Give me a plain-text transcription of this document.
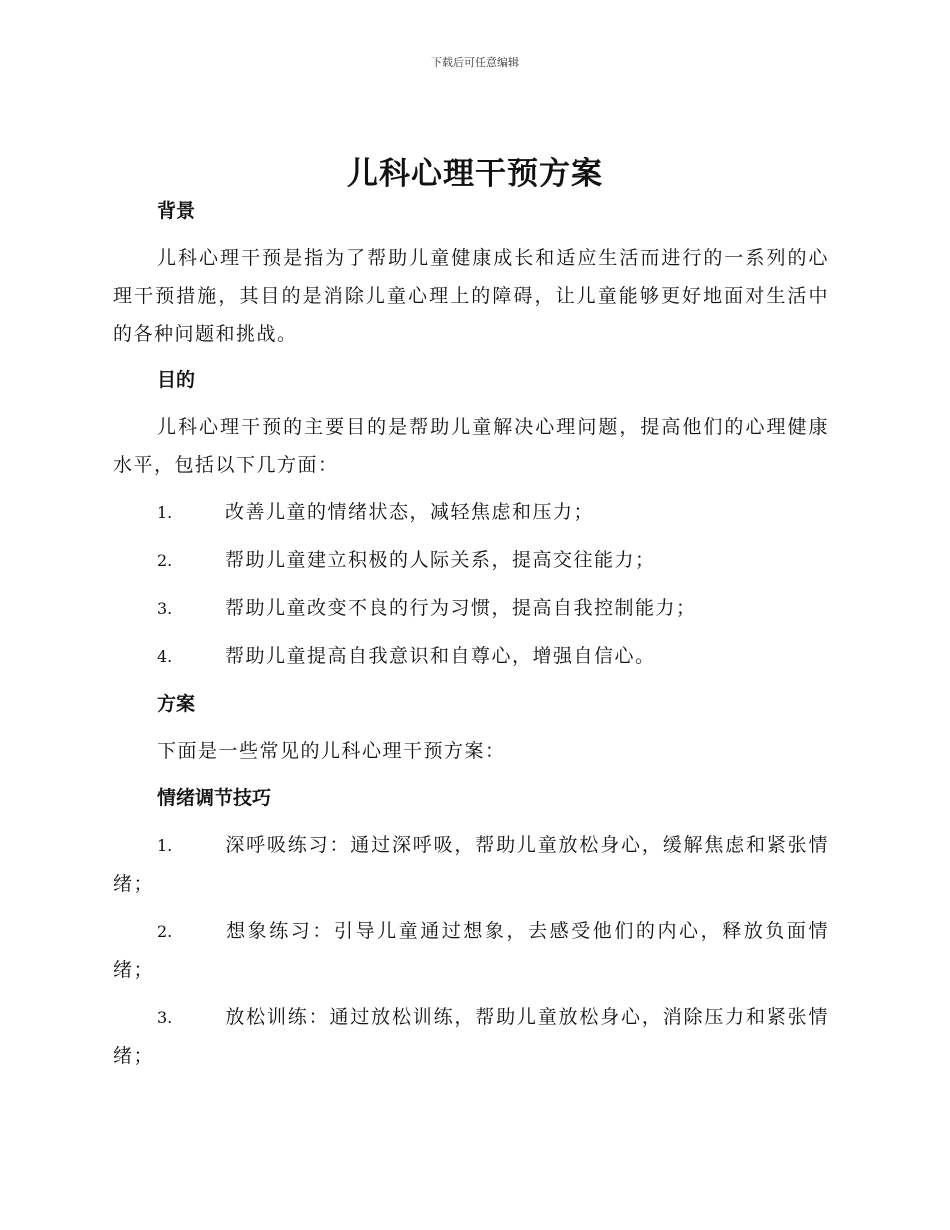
下载后可任意编辑
儿科心理干预方案
背景

儿科心理干预是指为了帮助儿童健康成长和适应生活而进行的一系列的心理干预措施，其目的是消除儿童心理上的障碍，让儿童能够更好地面对生活中的各种问题和挑战。

目的

儿科心理干预的主要目的是帮助儿童解决心理问题，提高他们的心理健康水平，包括以下几方面：

1.	改善儿童的情绪状态，减轻焦虑和压力；
2.	帮助儿童建立积极的人际关系，提高交往能力；
3.	帮助儿童改变不良的行为习惯，提高自我控制能力；
4.	帮助儿童提高自我意识和自尊心，增强自信心。
方案

下面是一些常见的儿科心理干预方案：

情绪调节技巧
1.	深呼吸练习：通过深呼吸，帮助儿童放松身心，缓解焦虑和紧张情绪；
2.	想象练习：引导儿童通过想象，去感受他们的内心，释放负面情绪；
3.	放松训练：通过放松训练，帮助儿童放松身心，消除压力和紧张情绪；
